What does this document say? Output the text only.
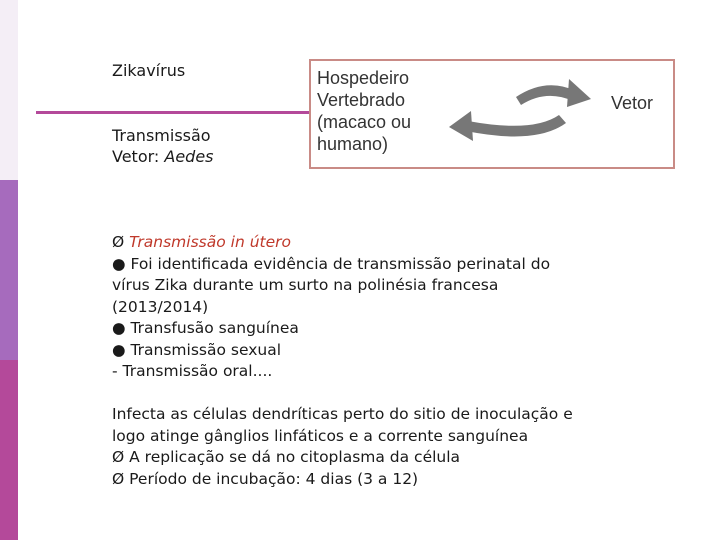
Zikavírus
Transmissão
Vetor: Aedes
Hospedeiro
Vertebrado
(macaco ou
humano)
Vetor
Ø Transmissão in útero
● Foi identificada evidência de transmissão perinatal do
vírus Zika durante um surto na polinésia francesa
(2013/2014)
● Transfusão sanguínea
● Transmissão sexual
- Transmissão oral....
Infecta as células dendríticas perto do sitio de inoculação e
logo atinge gânglios linfáticos e a corrente sanguínea
Ø A replicação se dá no citoplasma da célula
Ø Período de incubação: 4 dias (3 a 12)
